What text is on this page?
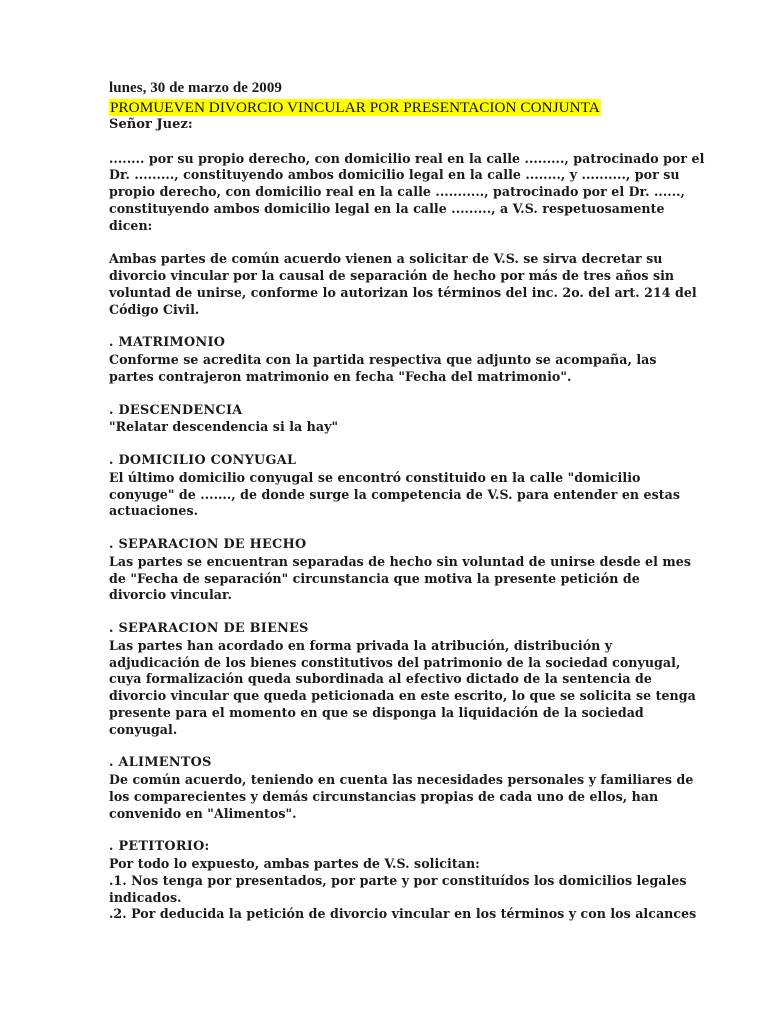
lunes, 30 de marzo de 2009

PROMUEVEN DIVORCIO VINCULAR POR PRESENTACION CONJUNTA

Señor Juez:

........ por su propio derecho, con domicilio real en la calle ........., patrocinado por el

Dr. ........., constituyendo ambos domicilio legal en la calle ........, y .........., por su

propio derecho, con domicilio real en la calle ..........., patrocinado por el Dr. ......,

constituyendo ambos domicilio legal en la calle ........., a V.S. respetuosamente

dicen:

Ambas partes de común acuerdo vienen a solicitar de V.S. se sirva decretar su

divorcio vincular por la causal de separación de hecho por más de tres años sin

voluntad de unirse, conforme lo autorizan los términos del inc. 2o. del art. 214 del

Código Civil.

. MATRIMONIO

Conforme se acredita con la partida respectiva que adjunto se acompaña, las

partes contrajeron matrimonio en fecha "Fecha del matrimonio".

. DESCENDENCIA

"Relatar descendencia si la hay"

. DOMICILIO CONYUGAL

El último domicilio conyugal se encontró constituido en la calle "domicilio

conyuge" de ......., de donde surge la competencia de V.S. para entender en estas

actuaciones.

. SEPARACION DE HECHO

Las partes se encuentran separadas de hecho sin voluntad de unirse desde el mes

de "Fecha de separación" circunstancia que motiva la presente petición de

divorcio vincular.

. SEPARACION DE BIENES

Las partes han acordado en forma privada la atribución, distribución y

adjudicación de los bienes constitutivos del patrimonio de la sociedad conyugal,

cuya formalización queda subordinada al efectivo dictado de la sentencia de

divorcio vincular que queda peticionada en este escrito, lo que se solicita se tenga

presente para el momento en que se disponga la liquidación de la sociedad

conyugal.

. ALIMENTOS

De común acuerdo, teniendo en cuenta las necesidades personales y familiares de

los comparecientes y demás circunstancias propias de cada uno de ellos, han

convenido en "Alimentos".

. PETITORIO:

Por todo lo expuesto, ambas partes de V.S. solicitan:

.1. Nos tenga por presentados, por parte y por constituídos los domicilios legales

indicados.

.2. Por deducida la petición de divorcio vincular en los términos y con los alcances
